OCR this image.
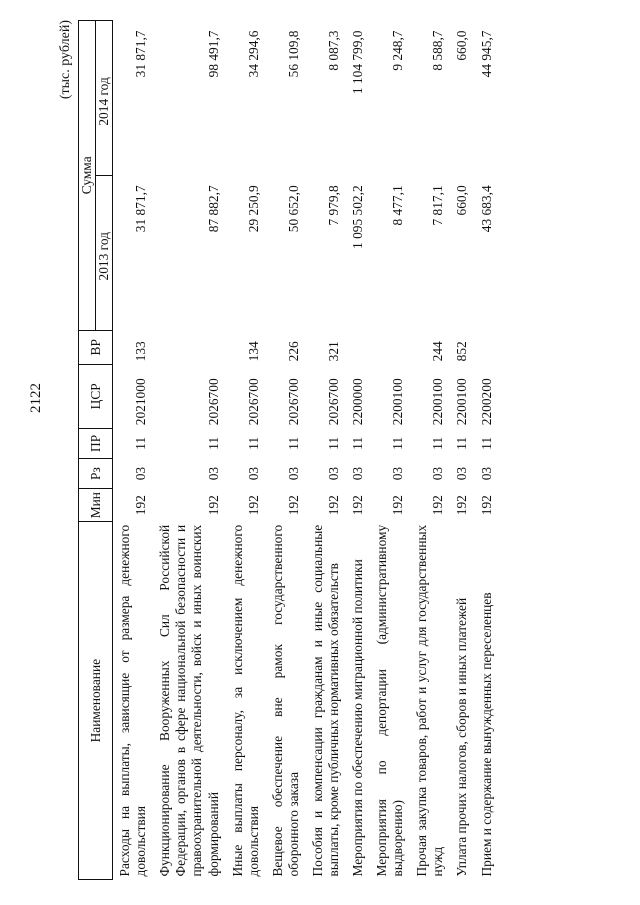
2122
(тыс. рублей)
Наименование	Мин	Рз	ПР	ЦСР	ВР	Сумма	
						2013 год	2014 год
Расходы на выплаты, зависящие от размера денежного довольствия	192	03	11	2021000	133	31 871,7	31 871,7
Функционирование Вооруженных Сил Российской Федерации, органов в сфере национальной безопасности и правоохранительной деятельности, войск и иных воинских формирований	192	03	11	2026700		87 882,7	98 491,7
Иные выплаты персоналу, за исключением денежного довольствия	192	03	11	2026700	134	29 250,9	34 294,6
Вещевое обеспечение вне рамок государственного оборонного заказа	192	03	11	2026700	226	50 652,0	56 109,8
Пособия и компенсации гражданам и иные социальные выплаты, кроме публичных нормативных обязательств	192	03	11	2026700	321	7 979,8	8 087,3
Мероприятия по обеспечению миграционной политики	192	03	11	2200000		1 095 502,2	1 104 799,0
Мероприятия по депортации (административному выдворению)	192	03	11	2200100		8 477,1	9 248,7
Прочая закупка товаров, работ и услуг для государственных нужд	192	03	11	2200100	244	7 817,1	8 588,7
Уплата прочих налогов, сборов и иных платежей	192	03	11	2200100	852	660,0	660,0
Прием и содержание вынужденных переселенцев	192	03	11	2200200		43 683,4	44 945,7
